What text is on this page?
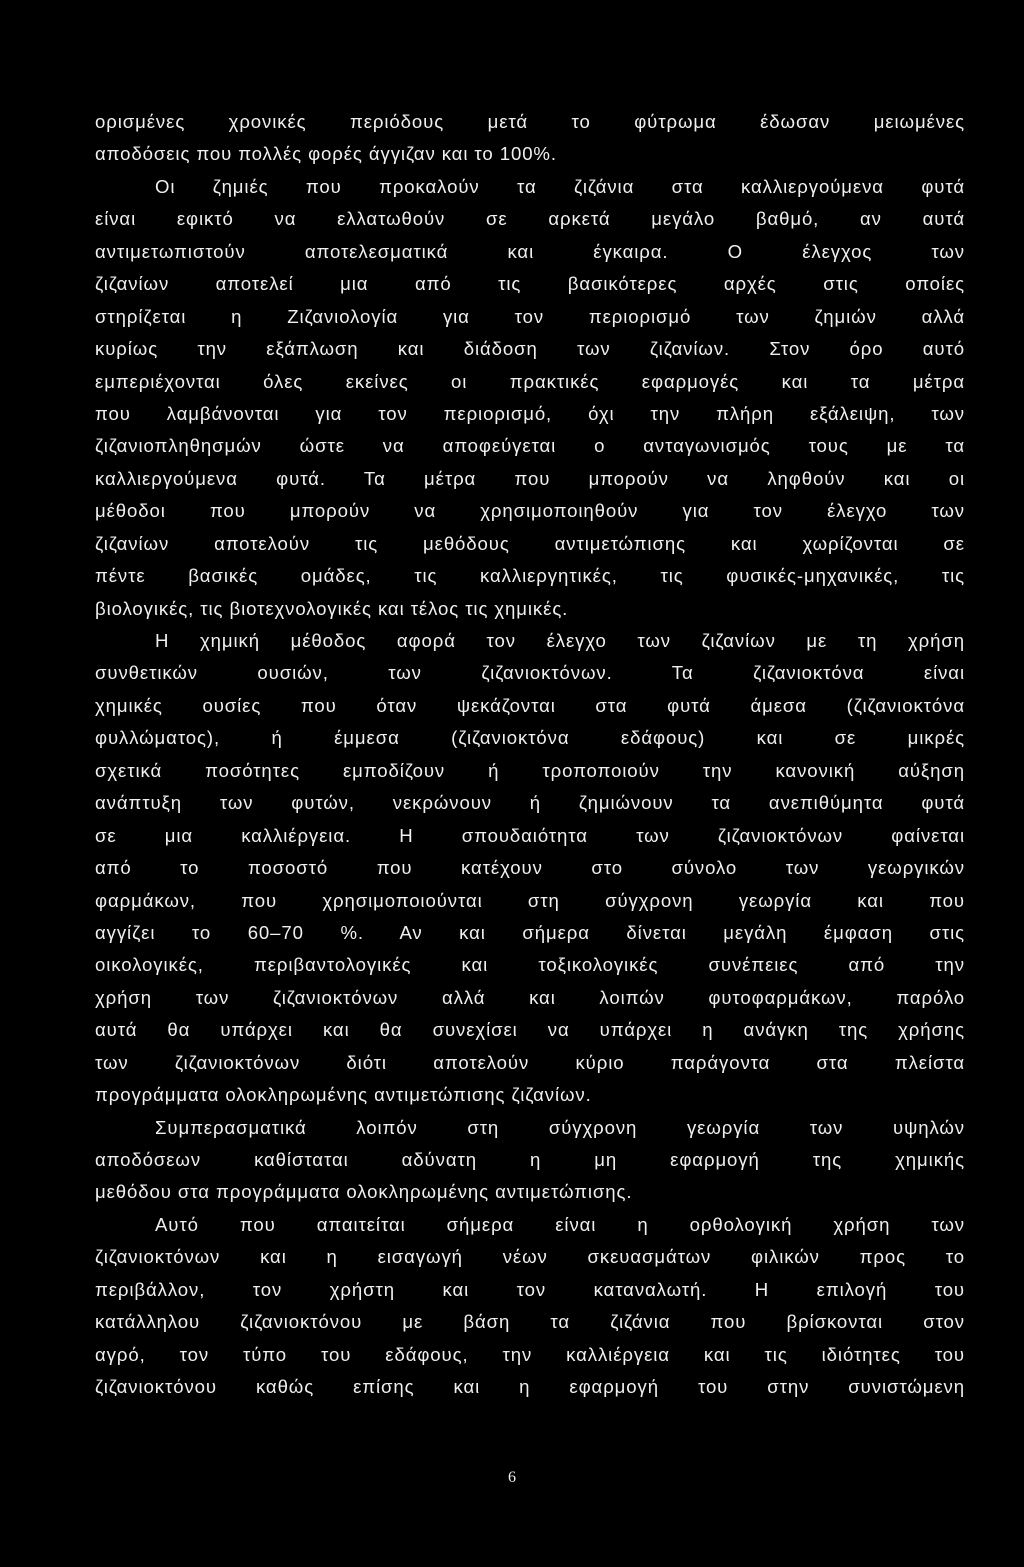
ορισμένες χρονικές περιόδους μετά το φύτρωμα έδωσαν μειωμένες
αποδόσεις που πολλές φορές άγγιζαν και το 100%.
Οι ζημιές που προκαλούν τα ζιζάνια στα καλλιεργούμενα φυτά
είναι εφικτό να ελλατωθούν σε αρκετά μεγάλο βαθμό, αν αυτά
αντιμετωπιστούν αποτελεσματικά και έγκαιρα. Ο έλεγχος των
ζιζανίων αποτελεί μια από τις βασικότερες αρχές στις οποίες
στηρίζεται η Ζιζανιολογία για τον περιορισμό των ζημιών αλλά
κυρίως την εξάπλωση και διάδοση των ζιζανίων. Στον όρο αυτό
εμπεριέχονται όλες εκείνες οι πρακτικές εφαρμογές και τα μέτρα
που λαμβάνονται για τον περιορισμό, όχι την πλήρη εξάλειψη, των
ζιζανιοπληθησμών ώστε να αποφεύγεται ο ανταγωνισμός τους με τα
καλλιεργούμενα φυτά. Τα μέτρα που μπορούν να ληφθούν και οι
μέθοδοι που μπορούν να χρησιμοποιηθούν για τον έλεγχο των
ζιζανίων αποτελούν τις μεθόδους αντιμετώπισης και χωρίζονται σε
πέντε βασικές ομάδες, τις καλλιεργητικές, τις φυσικές-μηχανικές, τις
βιολογικές, τις βιοτεχνολογικές και τέλος τις χημικές.
Η χημική μέθοδος αφορά τον έλεγχο των ζιζανίων με τη χρήση
συνθετικών ουσιών, των ζιζανιοκτόνων. Τα ζιζανιοκτόνα είναι
χημικές ουσίες που όταν ψεκάζονται στα φυτά άμεσα (ζιζανιοκτόνα
φυλλώματος), ή έμμεσα (ζιζανιοκτόνα εδάφους) και σε μικρές
σχετικά ποσότητες εμποδίζουν ή τροποποιούν την κανονική αύξηση
ανάπτυξη των φυτών, νεκρώνουν ή ζημιώνουν τα ανεπιθύμητα φυτά
σε μια καλλιέργεια. Η σπουδαιότητα των ζιζανιοκτόνων φαίνεται
από το ποσοστό που κατέχουν στο σύνολο των γεωργικών
φαρμάκων, που χρησιμοποιούνται στη σύγχρονη γεωργία και που
αγγίζει το 60–70 %. Αν και σήμερα δίνεται μεγάλη έμφαση στις
οικολογικές, περιβαντολογικές και τοξικολογικές συνέπειες από την
χρήση των ζιζανιοκτόνων αλλά και λοιπών φυτοφαρμάκων, παρόλο
αυτά θα υπάρχει και θα συνεχίσει να υπάρχει η ανάγκη της χρήσης
των ζιζανιοκτόνων διότι αποτελούν κύριο παράγοντα στα πλείστα
προγράμματα ολοκληρωμένης αντιμετώπισης ζιζανίων.
Συμπερασματικά λοιπόν στη σύγχρονη γεωργία των υψηλών
αποδόσεων καθίσταται αδύνατη η μη εφαρμογή της χημικής
μεθόδου στα προγράμματα ολοκληρωμένης αντιμετώπισης.
Αυτό που απαιτείται σήμερα είναι η ορθολογική χρήση των
ζιζανιοκτόνων και η εισαγωγή νέων σκευασμάτων φιλικών προς το
περιβάλλον, τον χρήστη και τον καταναλωτή. Η επιλογή του
κατάλληλου ζιζανιοκτόνου με βάση τα ζιζάνια που βρίσκονται στον
αγρό, τον τύπο του εδάφους, την καλλιέργεια και τις ιδιότητες του
ζιζανιοκτόνου καθώς επίσης και η εφαρμογή του στην συνιστώμενη
6
